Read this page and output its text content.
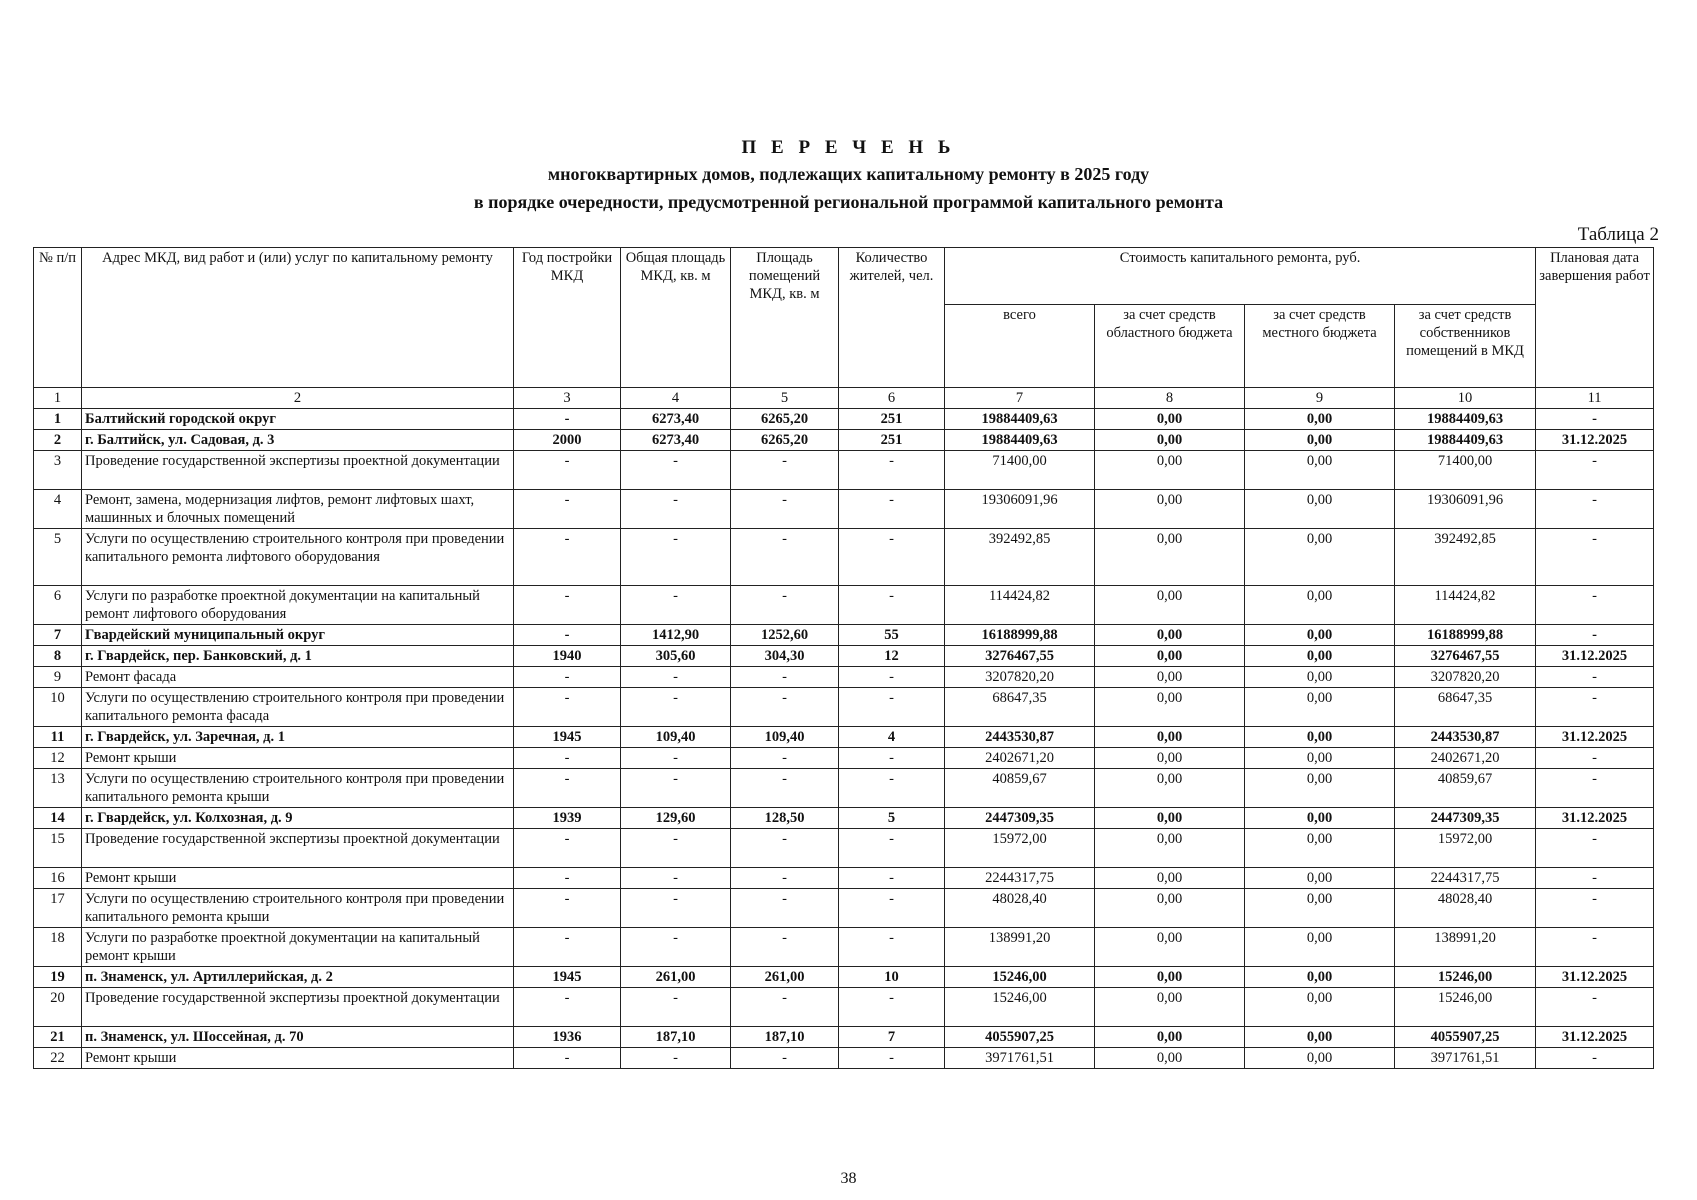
П Е Р Е Ч Е Н Ь
многоквартирных домов, подлежащих капитальному ремонту в 2025 году
в порядке очередности, предусмотренной региональной программой капитального ремонта
Таблица 2
№ п/п	Адрес МКД, вид работ и (или) услуг по капитальному ремонту	Год постройки МКД	Общая площадь МКД, кв. м	Площадь помещений МКД, кв. м	Количество жителей, чел.	Стоимость капитального ремонта, руб.				Плановая дата завершения работ
						всего	за счет средств областного бюджета	за счет средств местного бюджета	за счет средств собственников помещений в МКД	
1	2	3	4	5	6	7	8	9	10	11
1	Балтийский городской округ	-	6273,40	6265,20	251	19884409,63	0,00	0,00	19884409,63	-
2	г. Балтийск, ул. Садовая, д. 3	2000	6273,40	6265,20	251	19884409,63	0,00	0,00	19884409,63	31.12.2025
3	Проведение государственной экспертизы проектной документации	-	-	-	-	71400,00	0,00	0,00	71400,00	-
4	Ремонт, замена, модернизация лифтов, ремонт лифтовых шахт, машинных и блочных помещений	-	-	-	-	19306091,96	0,00	0,00	19306091,96	-
5	Услуги по осуществлению строительного контроля при проведении капитального ремонта лифтового оборудования	-	-	-	-	392492,85	0,00	0,00	392492,85	-
6	Услуги по разработке проектной документации на капитальный ремонт лифтового оборудования	-	-	-	-	114424,82	0,00	0,00	114424,82	-
7	Гвардейский муниципальный округ	-	1412,90	1252,60	55	16188999,88	0,00	0,00	16188999,88	-
8	г. Гвардейск, пер. Банковский, д. 1	1940	305,60	304,30	12	3276467,55	0,00	0,00	3276467,55	31.12.2025
9	Ремонт фасада	-	-	-	-	3207820,20	0,00	0,00	3207820,20	-
10	Услуги по осуществлению строительного контроля при проведении капитального ремонта фасада	-	-	-	-	68647,35	0,00	0,00	68647,35	-
11	г. Гвардейск, ул. Заречная, д. 1	1945	109,40	109,40	4	2443530,87	0,00	0,00	2443530,87	31.12.2025
12	Ремонт крыши	-	-	-	-	2402671,20	0,00	0,00	2402671,20	-
13	Услуги по осуществлению строительного контроля при проведении капитального ремонта крыши	-	-	-	-	40859,67	0,00	0,00	40859,67	-
14	г. Гвардейск, ул. Колхозная, д. 9	1939	129,60	128,50	5	2447309,35	0,00	0,00	2447309,35	31.12.2025
15	Проведение государственной экспертизы проектной документации	-	-	-	-	15972,00	0,00	0,00	15972,00	-
16	Ремонт крыши	-	-	-	-	2244317,75	0,00	0,00	2244317,75	-
17	Услуги по осуществлению строительного контроля при проведении капитального ремонта крыши	-	-	-	-	48028,40	0,00	0,00	48028,40	-
18	Услуги по разработке проектной документации на капитальный ремонт крыши	-	-	-	-	138991,20	0,00	0,00	138991,20	-
19	п. Знаменск, ул. Артиллерийская, д. 2	1945	261,00	261,00	10	15246,00	0,00	0,00	15246,00	31.12.2025
20	Проведение государственной экспертизы проектной документации	-	-	-	-	15246,00	0,00	0,00	15246,00	-
21	п. Знаменск, ул. Шоссейная, д. 70	1936	187,10	187,10	7	4055907,25	0,00	0,00	4055907,25	31.12.2025
22	Ремонт крыши	-	-	-	-	3971761,51	0,00	0,00	3971761,51	-
38
